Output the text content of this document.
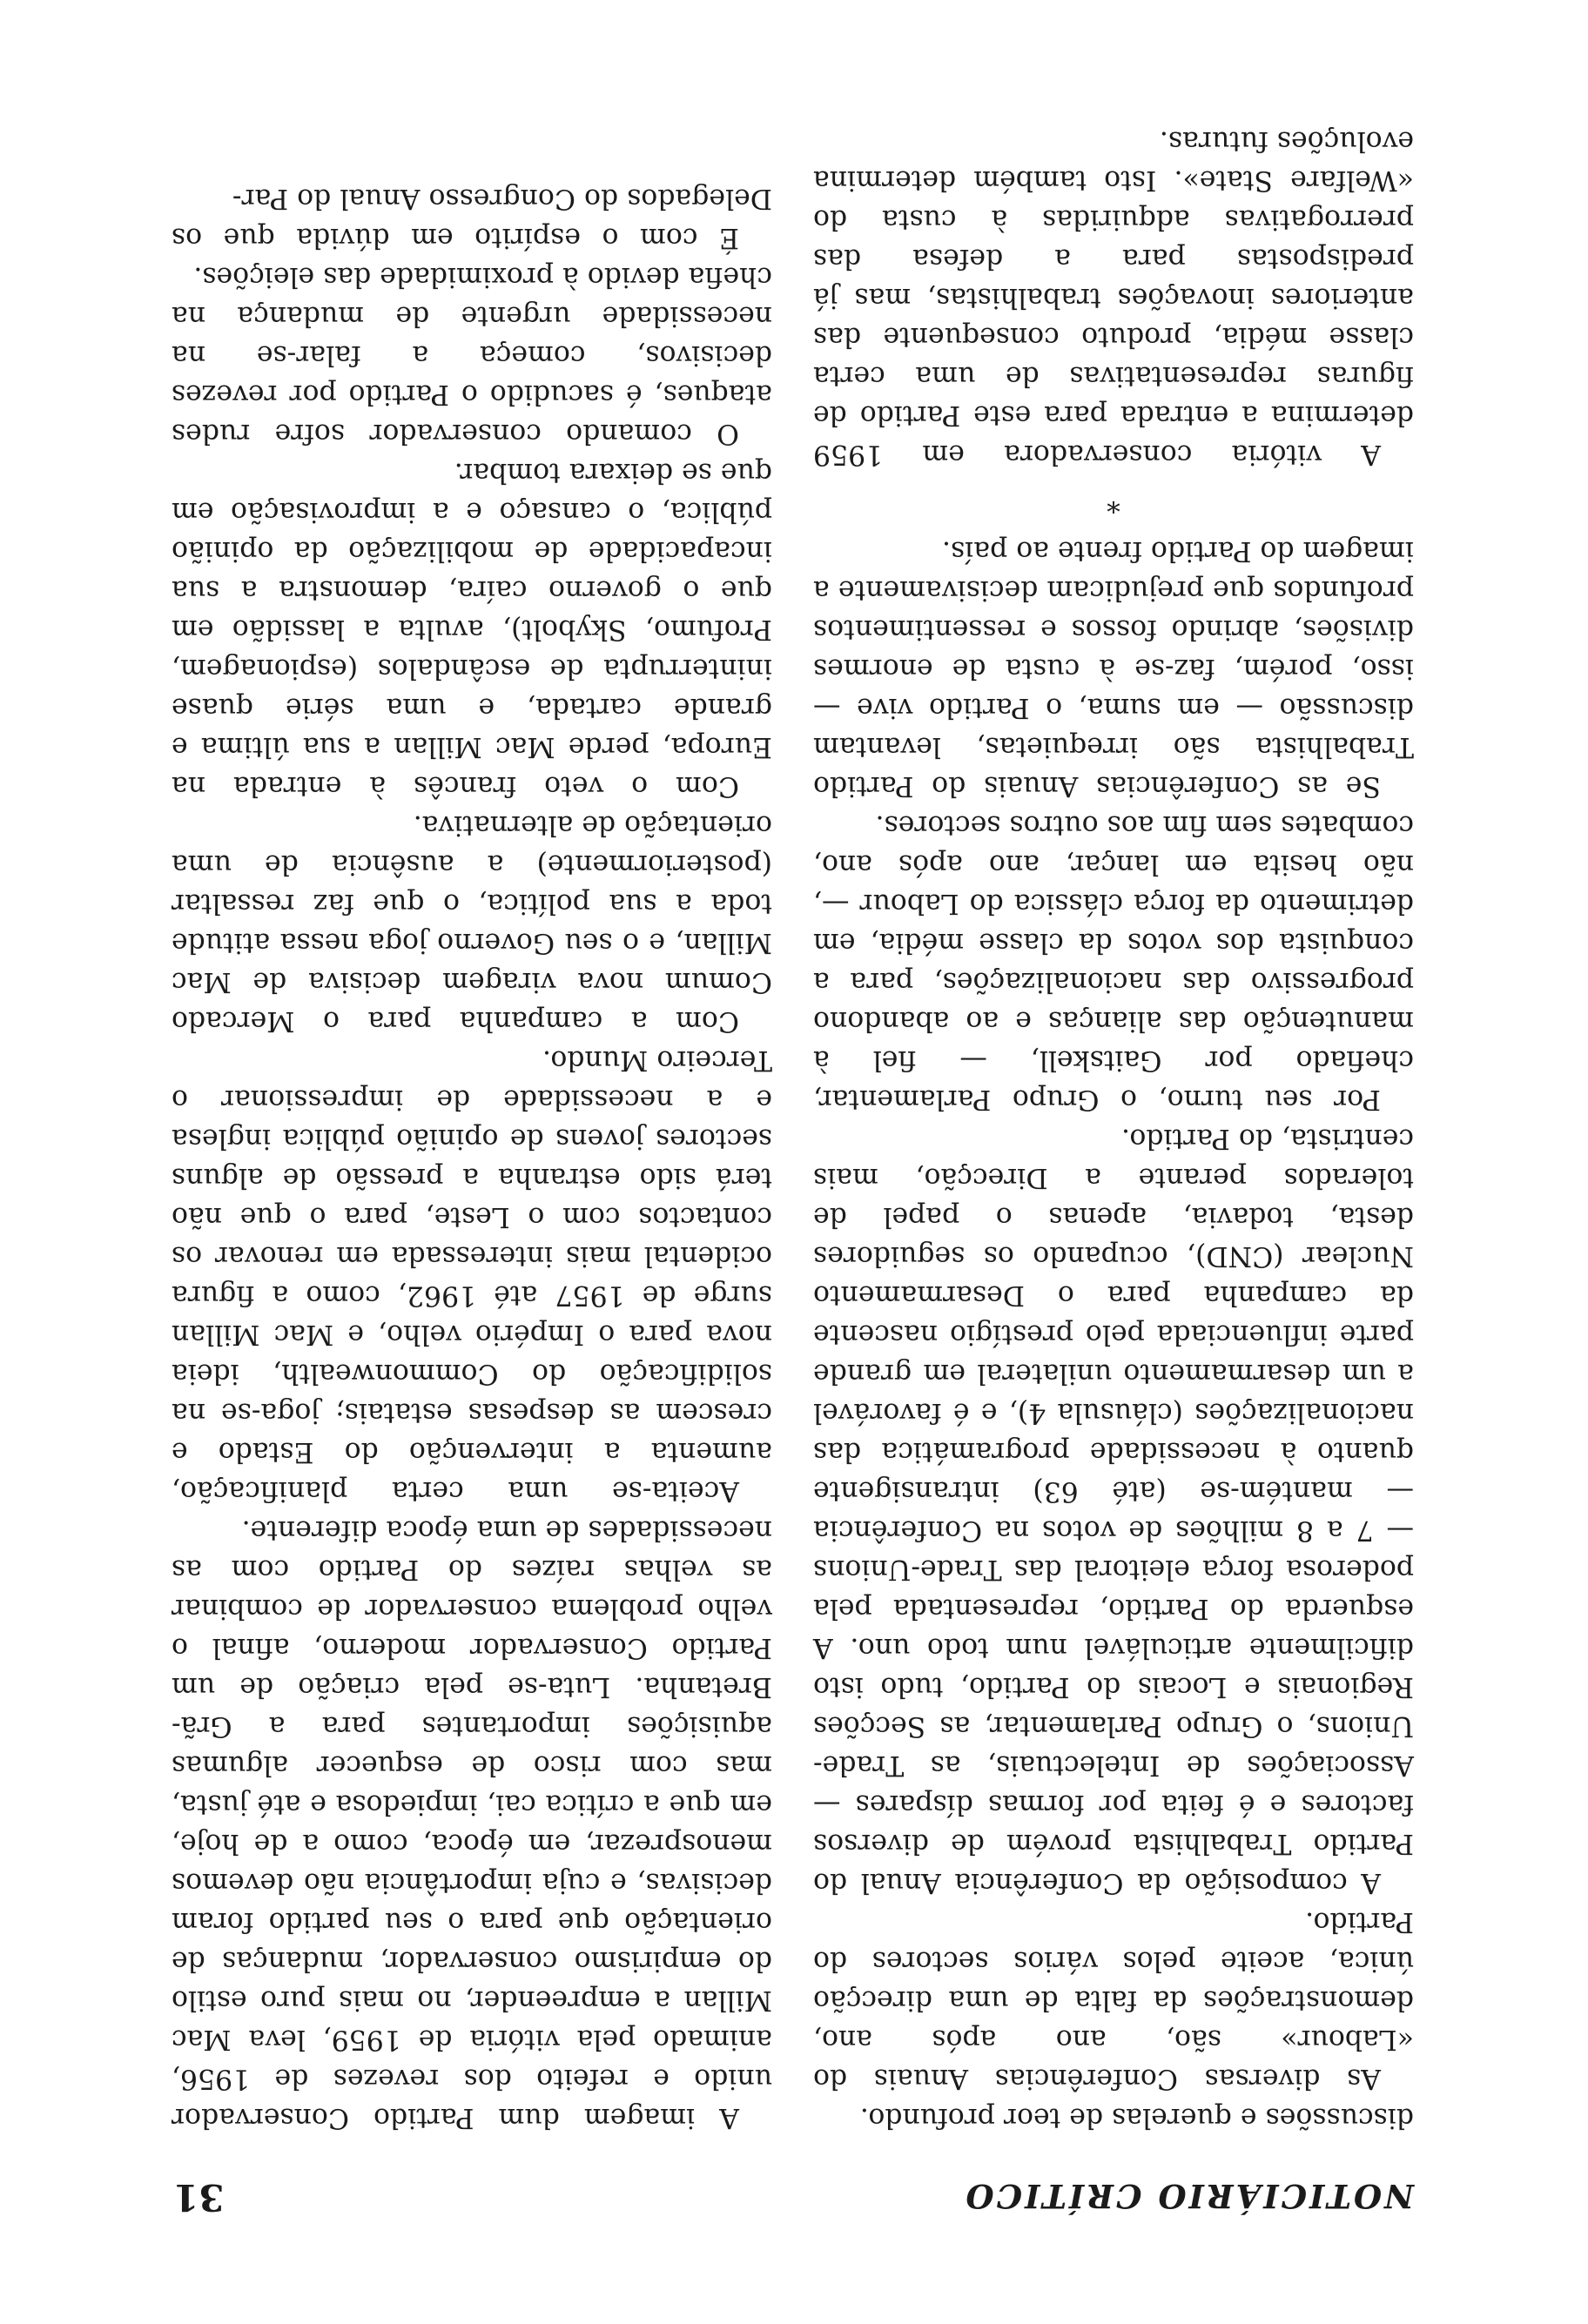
NOTICIÁRIO CRÍTICO
31

discussões e querelas de teor profundo.

As diversas Conferências Anuais do «Labour» são, ano após ano, demonstrações da falta de uma direcção única, aceite pelos vários sectores do Partido.

A composição da Conferência Anual do Partido Trabalhista provém de diversos factores e é feita por formas díspares — Associações de Intelectuais, as Trade-Unions, o Grupo Parlamentar, as Secções Regionais e Locais do Partido, tudo isto dificilmente articulável num todo uno. A esquerda do Partido, representada pela poderosa força eleitoral das Trade-Unions — 7 a 8 milhões de votos na Conferência — mantém-se (até 63) intransigente quanto à necessidade programática das nacionalizações (cláusula 4), e é favorável a um desarmamento unilateral em grande parte influenciada pelo prestígio nascente da campanha para o Desarmamento Nuclear (CND), ocupando os seguidores desta, todavia, apenas o papel de tolerados perante a Direcção, mais centrista, do Partido.

Por seu turno, o Grupo Parlamentar, chefiado por Gaitskell, — fiel à manutenção das alianças e ao abandono progressivo das nacionalizações, para a conquista dos votos da classe média, em detrimento da força clássica do Labour —, não hesita em lançar, ano após ano, combates sem fim aos outros sectores.

Se as Conferências Anuais do Partido Trabalhista são irrequietas, levantam discussão — em suma, o Partido vive — isso, porém, faz-se à custa de enormes divisões, abrindo fossos e ressentimentos profundos que prejudicam decisivamente a imagem do Partido frente ao país.

*

A vitória conservadora em 1959 determina a entrada para este Partido de figuras representativas de uma certa classe média, produto consequente das anteriores inovações trabalhistas, mas já predispostas para a defesa das prerrogativas adquiridas à custa do «Welfare State». Isto também determina evoluções futuras.

A imagem dum Partido Conservador unido e refeito dos revezes de 1956, animado pela vitória de 1959, leva Mac Millan a empreender, no mais puro estilo do empirismo conservador, mudanças de orientação que para o seu partido foram decisivas, e cuja importância não devemos menosprezar, em época, como a de hoje, em que a crítica cai, impiedosa e até justa, mas com risco de esquecer algumas aquisições importantes para a Grã-Bretanha. Luta-se pela criação de um Partido Conservador moderno, afinal o velho problema conservador de combinar as velhas raízes do Partido com as necessidades de uma época diferente.

Aceita-se uma certa planificação, aumenta a intervenção do Estado e crescem as despesas estatais; joga-se na solidificação do Commonwealth, ideia nova para o Império velho, e Mac Millan surge de 1957 até 1962, como a figura ocidental mais interessada em renovar os contactos com o Leste, para o que não terá sido estranha a pressão de alguns sectores jovens de opinião pública inglesa e a necessidade de impressionar o Terceiro Mundo.

Com a campanha para o Mercado Comum nova viragem decisiva de Mac Millan, e o seu Governo joga nessa atitude toda a sua política, o que faz ressaltar (posteriormente) a ausência de uma orientação de alternativa.

Com o veto francês à entrada na Europa, perde Mac Millan a sua última e grande cartada, e uma série quase ininterrupta de escândalos (espionagem, Profumo, Skybolt), avulta a lassidão em que o governo caíra, demonstra a sua incapacidade de mobilização da opinião pública, o cansaço e a improvisação em que se deixara tombar.

O comando conservador sofre rudes ataques, é sacudido o Partido por revezes decisivos, começa a falar-se na necessidade urgente de mudança na chefia devido à proximidade das eleições.

É com o espírito em dúvida que os Delegados do Congresso Anual do Par-
